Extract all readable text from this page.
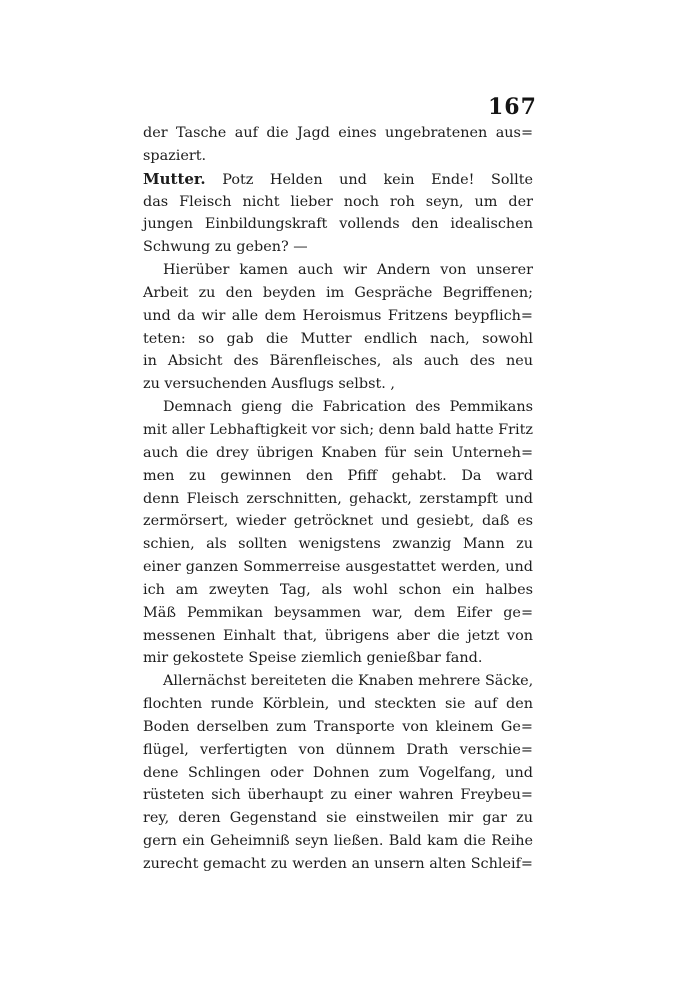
167
der Tasche auf die Jagd eines ungebratenen aus=
spaziert.
Mutter. Potz Helden und kein Ende! Sollte
das Fleisch nicht lieber noch roh seyn, um der
jungen Einbildungskraft vollends den idealischen
Schwung zu geben? —
Hierüber kamen auch wir Andern von unserer
Arbeit zu den beyden im Gespräche Begriffenen;
und da wir alle dem Heroismus Fritzens beypflich=
teten: so gab die Mutter endlich nach, sowohl
in Absicht des Bärenfleisches, als auch des neu
zu versuchenden Ausflugs selbst. ,
Demnach gieng die Fabrication des Pemmikans
mit aller Lebhaftigkeit vor sich; denn bald hatte Fritz
auch die drey übrigen Knaben für sein Unterneh=
men zu gewinnen den Pfiff gehabt. Da ward
denn Fleisch zerschnitten, gehackt, zerstampft und
zermörsert, wieder getröcknet und gesiebt, daß es
schien, als sollten wenigstens zwanzig Mann zu
einer ganzen Sommerreise ausgestattet werden, und
ich am zweyten Tag, als wohl schon ein halbes
Mäß Pemmikan beysammen war, dem Eifer ge=
messenen Einhalt that, übrigens aber die jetzt von
mir gekostete Speise ziemlich genießbar fand.
Allernächst bereiteten die Knaben mehrere Säcke,
flochten runde Körblein, und steckten sie auf den
Boden derselben zum Transporte von kleinem Ge=
flügel, verfertigten von dünnem Drath verschie=
dene Schlingen oder Dohnen zum Vogelfang, und
rüsteten sich überhaupt zu einer wahren Freybeu=
rey, deren Gegenstand sie einstweilen mir gar zu
gern ein Geheimniß seyn ließen. Bald kam die Reihe
zurecht gemacht zu werden an unsern alten Schleif=
